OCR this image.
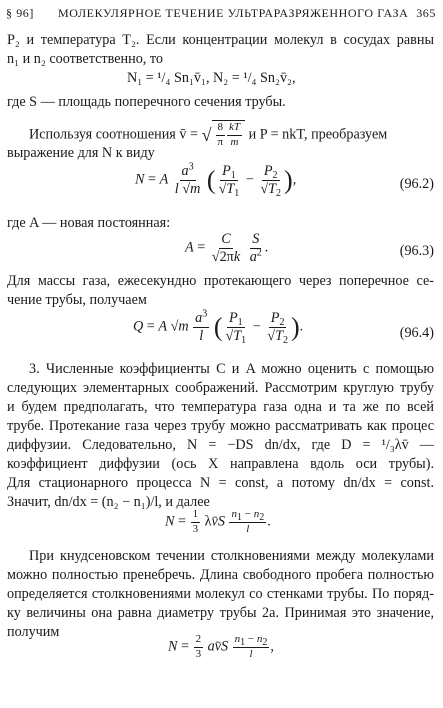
§ 96] МОЛЕКУЛЯРНОЕ ТЕЧЕНИЕ УЛЬТРАРАЗРЯЖЕННОГО ГАЗА 365
P₂ и температура T₂. Если концентрации молекул в сосудах равны
n₁ и n₂ соответственно, то
N₁ = ¹/₄ Sn₁v̄₁, N₂ = ¹/₄ Sn₂v̄₂,
где S — площадь поперечного сечения трубы.
Используя соотношения v̄ = √ $\frac{8}{\pi} \frac{kT}{m}$ и P = nkT, преобразуем
выражение для N к виду
N = A $\frac{a^3}{l √m}$ ( $\frac{P_1}{√T_1} - \frac{P_2}{√T_2}$ ),	(96.2)
где A — новая постоянная:
$A = \frac{C}{√2\pi k}$
$\frac{S}{a^2}$ .	(96.3)
Для массы газа, ежесекундно протекающего через поперечное се-
чение трубы, получаем
Q = A $√m \frac{a^3}{l}$ ( $\frac{P_1}{√T_1} - \frac{P_2}{√T_2}$ ).	(96.4)
3. Численные коэффициенты C и A можно оценить с помощью
следующих элементарных соображений. Рассмотрим круглую трубу
и будем предполагать, что температура газа одна и та же по всей
трубе. Протекание газа через трубу можно рассматривать как процес
диффузии. Следовательно, N = −DS dn/dx, где D = ¹/₃λv̄ —
коэффициент диффузии (ось X направлена вдоль оси трубы).
Для стационарного процесса N = const, а потому dn/dx = const.
Значит, dn/dx = (n₂ − n₁)/l, и далее
$N = \frac{1}{3}$ λv̄S $\frac{n_1 - n_2}{l}$ .
При кнудсеновском течении столкновениями между молекулами
можно полностью пренебречь. Длина свободного пробега полностью
определяется столкновениями молекул со стенками трубы. По поряд-
ку величины она равна диаметру трубы 2a. Принимая это значение,
получим
$N = \frac{2}{3}$ av̄S $\frac{n_1 - n_2}{l}$ ,
